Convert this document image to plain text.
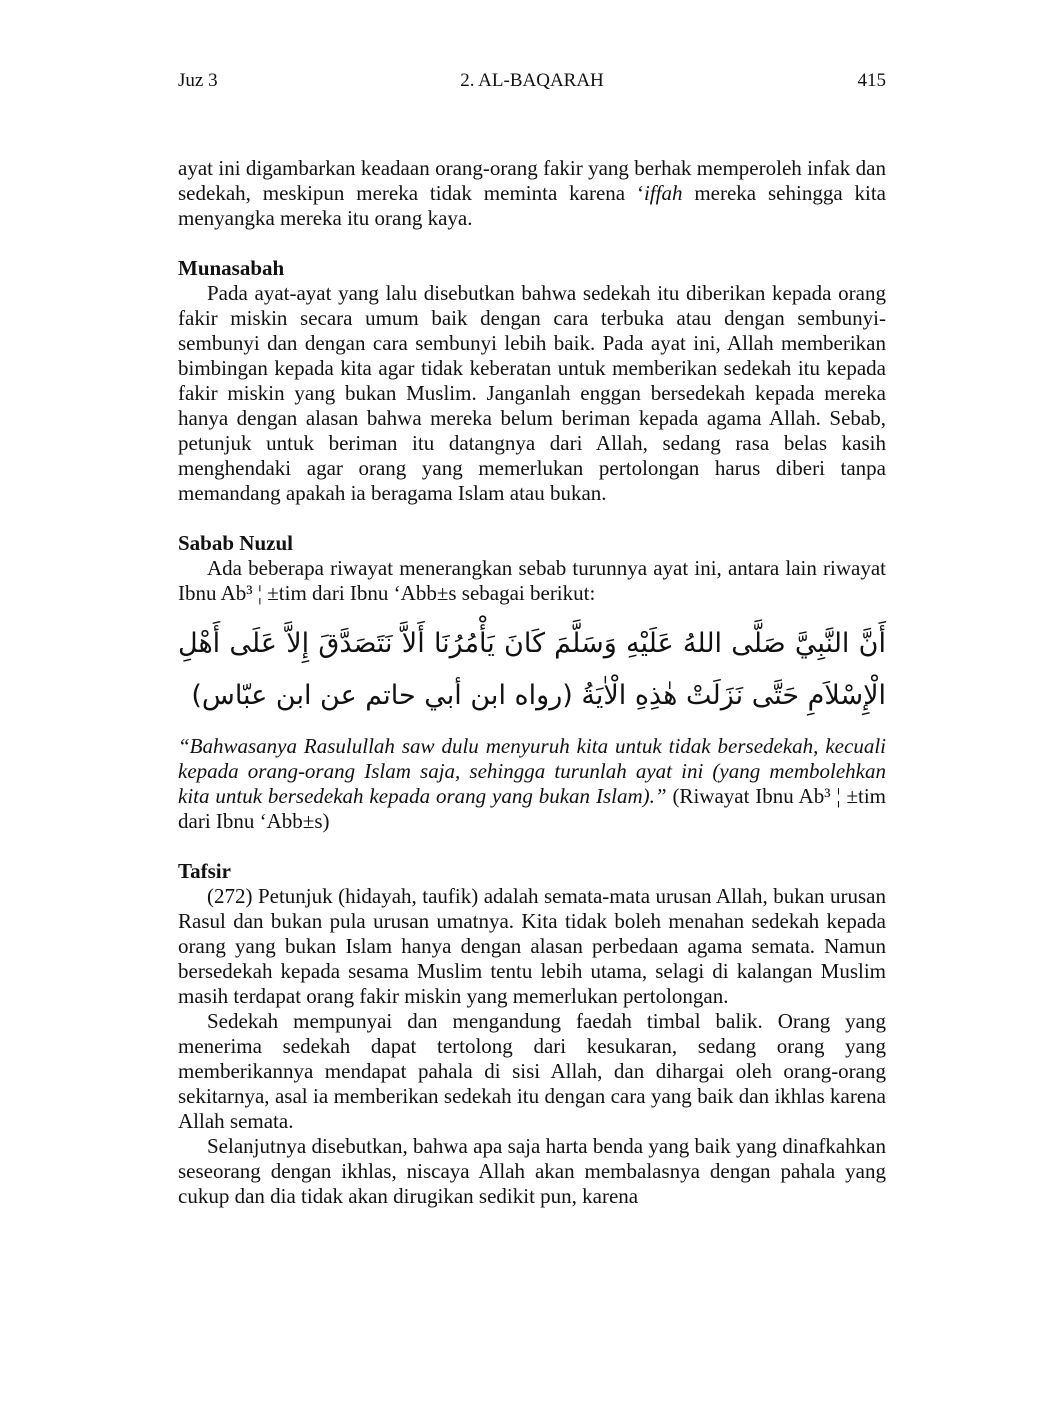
Juz 3	2. AL-BAQARAH	415

ayat ini digambarkan keadaan orang-orang fakir yang berhak memperoleh infak dan sedekah, meskipun mereka tidak meminta karena ‘iffah mereka sehingga kita menyangka mereka itu orang kaya.

Munasabah

Pada ayat-ayat yang lalu disebutkan bahwa sedekah itu diberikan kepada orang fakir miskin secara umum baik dengan cara terbuka atau dengan sembunyi-sembunyi dan dengan cara sembunyi lebih baik. Pada ayat ini, Allah memberikan bimbingan kepada kita agar tidak keberatan untuk memberikan sedekah itu kepada fakir miskin yang bukan Muslim. Janganlah enggan bersedekah kepada mereka hanya dengan alasan bahwa mereka belum beriman kepada agama Allah. Sebab, petunjuk untuk beriman itu datangnya dari Allah, sedang rasa belas kasih menghendaki agar orang yang memerlukan pertolongan harus diberi tanpa memandang apakah ia beragama Islam atau bukan.

Sabab Nuzul

Ada beberapa riwayat menerangkan sebab turunnya ayat ini, antara lain riwayat Ibnu Ab³ ¦ ±tim dari Ibnu ‘Abb±s sebagai berikut:

أَنَّ النَّبِيَّ صَلَّى اللهُ عَلَيْهِ وَسَلَّمَ كَانَ يَأْمُرُنَا أَلاَّ نَتَصَدَّقَ إِلاَّ عَلَى أَهْلِ الْإِسْلاَمِ حَتَّى نَزَلَتْ هٰذِهِ الْاٰيَةُ (رواه ابن أبي حاتم عن ابن عبّاس)

“Bahwasanya Rasulullah saw dulu menyuruh kita untuk tidak bersedekah, kecuali kepada orang-orang Islam saja, sehingga turunlah ayat ini (yang membolehkan kita untuk bersedekah kepada orang yang bukan Islam).” (Riwayat Ibnu Ab³ ¦ ±tim dari Ibnu ‘Abb±s)

Tafsir

(272) Petunjuk (hidayah, taufik) adalah semata-mata urusan Allah, bukan urusan Rasul dan bukan pula urusan umatnya. Kita tidak boleh menahan sedekah kepada orang yang bukan Islam hanya dengan alasan perbedaan agama semata. Namun bersedekah kepada sesama Muslim tentu lebih utama, selagi di kalangan Muslim masih terdapat orang fakir miskin yang memerlukan pertolongan.

Sedekah mempunyai dan mengandung faedah timbal balik. Orang yang menerima sedekah dapat tertolong dari kesukaran, sedang orang yang memberikannya mendapat pahala di sisi Allah, dan dihargai oleh orang-orang sekitarnya, asal ia memberikan sedekah itu dengan cara yang baik dan ikhlas karena Allah semata.

Selanjutnya disebutkan, bahwa apa saja harta benda yang baik yang dinafkahkan seseorang dengan ikhlas, niscaya Allah akan membalasnya dengan pahala yang cukup dan dia tidak akan dirugikan sedikit pun, karena
